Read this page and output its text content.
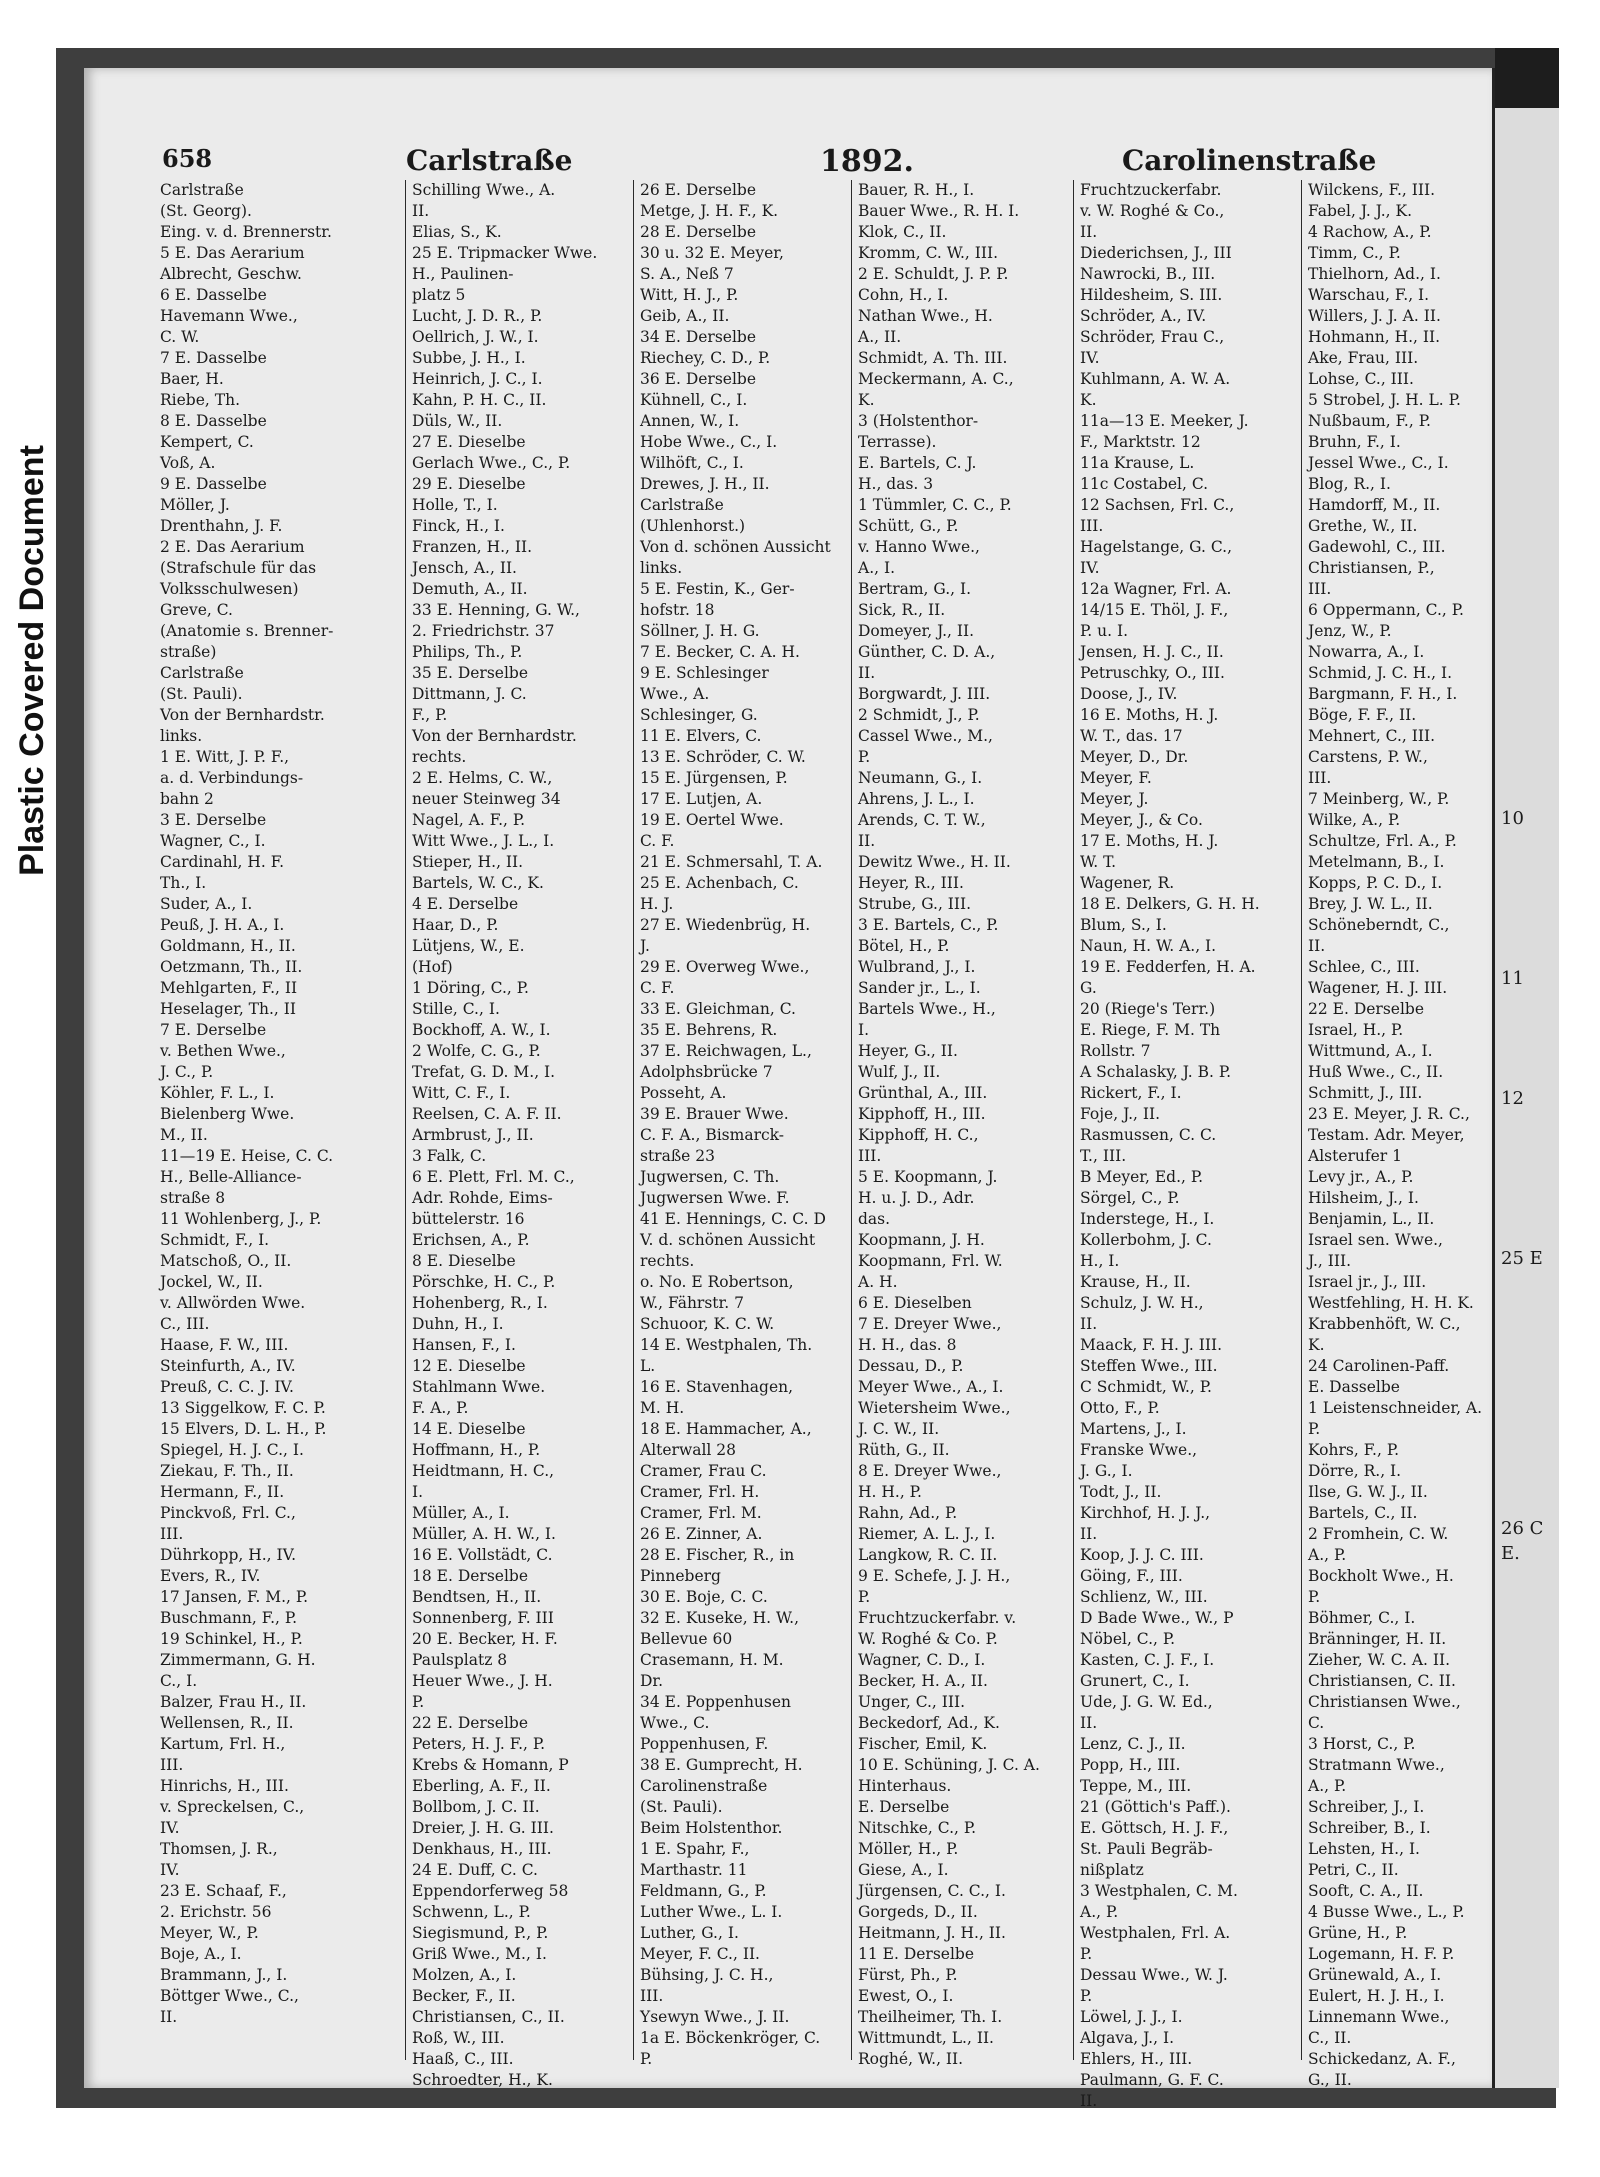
Plastic Covered Document
658	Carlstraße	1892.	Carolinenstraße
Carlstraße
(St. Georg).
Eing. v. d. Brennerstr.
5 E. Das Aerarium
Albrecht, Geschw.
6 E. Dasselbe
Havemann Wwe.,
C. W.
7 E. Dasselbe
Baer, H.
Riebe, Th.
8 E. Dasselbe
Kempert, C.
Voß, A.
9 E. Dasselbe
Möller, J.
Drenthahn, J. F.
2 E. Das Aerarium
(Strafschule für das
Volksschulwesen)
Greve, C.
(Anatomie s. Brenner-
straße)
Carlstraße
(St. Pauli).
Von der Bernhardstr.
links.
1 E. Witt, J. P. F.,
a. d. Verbindungs-
bahn 2
3 E. Derselbe
Wagner, C., I.
Cardinahl, H. F.
Th., I.
Suder, A., I.
Peuß, J. H. A., I.
Goldmann, H., II.
Oetzmann, Th., II.
Mehlgarten, F., II
Heselager, Th., II
7 E. Derselbe
v. Bethen Wwe.,
J. C., P.
Köhler, F. L., I.
Bielenberg Wwe.
M., II.
11—19 E. Heise, C. C.
H., Belle-Alliance-
straße 8
11 Wohlenberg, J., P.
Schmidt, F., I.
Matschoß, O., II.
Jockel, W., II.
v. Allwörden Wwe.
C., III.
Haase, F. W., III.
Steinfurth, A., IV.
Preuß, C. C. J. IV.
13 Siggelkow, F. C. P.
15 Elvers, D. L. H., P.
Spiegel, H. J. C., I.
Ziekau, F. Th., II.
Hermann, F., II.
Pinckvoß, Frl. C.,
III.
Dührkopp, H., IV.
Evers, R., IV.
17 Jansen, F. M., P.
Buschmann, F., P.
19 Schinkel, H., P.
Zimmermann, G. H.
C., I.
Balzer, Frau H., II.
Wellensen, R., II.
Kartum, Frl. H.,
III.
Hinrichs, H., III.
v. Spreckelsen, C.,
IV.
Thomsen, J. R.,
IV.
23 E. Schaaf, F.,
2. Erichstr. 56
Meyer, W., P.
Boje, A., I.
Brammann, J., I.
Böttger Wwe., C.,
II.
Schilling Wwe., A.
II.
Elias, S., K.
25 E. Tripmacker Wwe.
H., Paulinen-
platz 5
Lucht, J. D. R., P.
Oellrich, J. W., I.
Subbe, J. H., I.
Heinrich, J. C., I.
Kahn, P. H. C., II.
Düls, W., II.
27 E. Dieselbe
Gerlach Wwe., C., P.
29 E. Dieselbe
Holle, T., I.
Finck, H., I.
Franzen, H., II.
Jensch, A., II.
Demuth, A., II.
33 E. Henning, G. W.,
2. Friedrichstr. 37
Philips, Th., P.
35 E. Derselbe
Dittmann, J. C.
F., P.
Von der Bernhardstr.
rechts.
2 E. Helms, C. W.,
neuer Steinweg 34
Nagel, A. F., P.
Witt Wwe., J. L., I.
Stieper, H., II.
Bartels, W. C., K.
4 E. Derselbe
Haar, D., P.
Lütjens, W., E.
(Hof)
1 Döring, C., P.
Stille, C., I.
Bockhoff, A. W., I.
2 Wolfe, C. G., P.
Trefat, G. D. M., I.
Witt, C. F., I.
Reelsen, C. A. F. II.
Armbrust, J., II.
3 Falk, C.
6 E. Plett, Frl. M. C.,
Adr. Rohde, Eims-
büttelerstr. 16
Erichsen, A., P.
8 E. Dieselbe
Pörschke, H. C., P.
Hohenberg, R., I.
Duhn, H., I.
Hansen, F., I.
12 E. Dieselbe
Stahlmann Wwe.
F. A., P.
14 E. Dieselbe
Hoffmann, H., P.
Heidtmann, H. C.,
I.
Müller, A., I.
Müller, A. H. W., I.
16 E. Vollstädt, C.
18 E. Derselbe
Bendtsen, H., II.
Sonnenberg, F. III
20 E. Becker, H. F.
Paulsplatz 8
Heuer Wwe., J. H.
P.
22 E. Derselbe
Peters, H. J. F., P.
Krebs & Homann, P
Eberling, A. F., II.
Bollbom, J. C. II.
Dreier, J. H. G. III.
Denkhaus, H., III.
24 E. Duff, C. C.
Eppendorferweg 58
Schwenn, L., P.
Siegismund, P., P.
Griß Wwe., M., I.
Molzen, A., I.
Becker, F., II.
Christiansen, C., II.
Roß, W., III.
Haaß, C., III.
Schroedter, H., K.
26 E. Derselbe
Metge, J. H. F., K.
28 E. Derselbe
30 u. 32 E. Meyer,
S. A., Neß 7
Witt, H. J., P.
Geib, A., II.
34 E. Derselbe
Riechey, C. D., P.
36 E. Derselbe
Kühnell, C., I.
Annen, W., I.
Hobe Wwe., C., I.
Wilhöft, C., I.
Drewes, J. H., II.
Carlstraße
(Uhlenhorst.)
Von d. schönen Aussicht
links.
5 E. Festin, K., Ger-
hofstr. 18
Söllner, J. H. G.
7 E. Becker, C. A. H.
9 E. Schlesinger
Wwe., A.
Schlesinger, G.
11 E. Elvers, C.
13 E. Schröder, C. W.
15 E. Jürgensen, P.
17 E. Lutjen, A.
19 E. Oertel Wwe.
C. F.
21 E. Schmersahl, T. A.
25 E. Achenbach, C.
H. J.
27 E. Wiedenbrüg, H.
J.
29 E. Overweg Wwe.,
C. F.
33 E. Gleichman, C.
35 E. Behrens, R.
37 E. Reichwagen, L.,
Adolphsbrücke 7
Posseht, A.
39 E. Brauer Wwe.
C. F. A., Bismarck-
straße 23
Jugwersen, C. Th.
Jugwersen Wwe. F.
41 E. Hennings, C. C. D
V. d. schönen Aussicht
rechts.
o. No. E Robertson,
W., Fährstr. 7
Schuoor, K. C. W.
14 E. Westphalen, Th.
L.
16 E. Stavenhagen,
M. H.
18 E. Hammacher, A.,
Alterwall 28
Cramer, Frau C.
Cramer, Frl. H.
Cramer, Frl. M.
26 E. Zinner, A.
28 E. Fischer, R., in
Pinneberg
30 E. Boje, C. C.
32 E. Kuseke, H. W.,
Bellevue 60
Crasemann, H. M.
Dr.
34 E. Poppenhusen
Wwe., C.
Poppenhusen, F.
38 E. Gumprecht, H.
Carolinenstraße
(St. Pauli).
Beim Holstenthor.
1 E. Spahr, F.,
Marthastr. 11
Feldmann, G., P.
Luther Wwe., L. I.
Luther, G., I.
Meyer, F. C., II.
Bühsing, J. C. H.,
III.
Ysewyn Wwe., J. II.
1a E. Böckenkröger, C.
P.
Bauer, R. H., I.
Bauer Wwe., R. H. I.
Klok, C., II.
Kromm, C. W., III.
2 E. Schuldt, J. P. P.
Cohn, H., I.
Nathan Wwe., H.
A., II.
Schmidt, A. Th. III.
Meckermann, A. C.,
K.
3 (Holstenthor-
Terrasse).
E. Bartels, C. J.
H., das. 3
1 Tümmler, C. C., P.
Schütt, G., P.
v. Hanno Wwe.,
A., I.
Bertram, G., I.
Sick, R., II.
Domeyer, J., II.
Günther, C. D. A.,
II.
Borgwardt, J. III.
2 Schmidt, J., P.
Cassel Wwe., M.,
P.
Neumann, G., I.
Ahrens, J. L., I.
Arends, C. T. W.,
II.
Dewitz Wwe., H. II.
Heyer, R., III.
Strube, G., III.
3 E. Bartels, C., P.
Bötel, H., P.
Wulbrand, J., I.
Sander jr., L., I.
Bartels Wwe., H.,
I.
Heyer, G., II.
Wulf, J., II.
Grünthal, A., III.
Kipphoff, H., III.
Kipphoff, H. C.,
III.
5 E. Koopmann, J.
H. u. J. D., Adr.
das.
Koopmann, J. H.
Koopmann, Frl. W.
A. H.
6 E. Dieselben
7 E. Dreyer Wwe.,
H. H., das. 8
Dessau, D., P.
Meyer Wwe., A., I.
Wietersheim Wwe.,
J. C. W., II.
Rüth, G., II.
8 E. Dreyer Wwe.,
H. H., P.
Rahn, Ad., P.
Riemer, A. L. J., I.
Langkow, R. C. II.
9 E. Schefe, J. J. H.,
P.
Fruchtzuckerfabr. v.
W. Roghé & Co. P.
Wagner, C. D., I.
Becker, H. A., II.
Unger, C., III.
Beckedorf, Ad., K.
Fischer, Emil, K.
10 E. Schüning, J. C. A.
Hinterhaus.
E. Derselbe
Nitschke, C., P.
Möller, H., P.
Giese, A., I.
Jürgensen, C. C., I.
Gorgeds, D., II.
Heitmann, J. H., II.
11 E. Derselbe
Fürst, Ph., P.
Ewest, O., I.
Theilheimer, Th. I.
Wittmundt, L., II.
Roghé, W., II.
Fruchtzuckerfabr.
v. W. Roghé & Co.,
II.
Diederichsen, J., III
Nawrocki, B., III.
Hildesheim, S. III.
Schröder, A., IV.
Schröder, Frau C.,
IV.
Kuhlmann, A. W. A.
K.
11a—13 E. Meeker, J.
F., Marktstr. 12
11a Krause, L.
11c Costabel, C.
12 Sachsen, Frl. C.,
III.
Hagelstange, G. C.,
IV.
12a Wagner, Frl. A.
14/15 E. Thöl, J. F.,
P. u. I.
Jensen, H. J. C., II.
Petruschky, O., III.
Doose, J., IV.
16 E. Moths, H. J.
W. T., das. 17
Meyer, D., Dr.
Meyer, F.
Meyer, J.
Meyer, J., & Co.
17 E. Moths, H. J.
W. T.
Wagener, R.
18 E. Delkers, G. H. H.
Blum, S., I.
Naun, H. W. A., I.
19 E. Fedderfen, H. A.
G.
20 (Riege's Terr.)
E. Riege, F. M. Th
Rollstr. 7
A Schalasky, J. B. P.
Rickert, F., I.
Foje, J., II.
Rasmussen, C. C.
T., III.
B Meyer, Ed., P.
Sörgel, C., P.
Inderstege, H., I.
Kollerbohm, J. C.
H., I.
Krause, H., II.
Schulz, J. W. H.,
II.
Maack, F. H. J. III.
Steffen Wwe., III.
C Schmidt, W., P.
Otto, F., P.
Martens, J., I.
Franske Wwe.,
J. G., I.
Todt, J., II.
Kirchhof, H. J. J.,
II.
Koop, J. J. C. III.
Göing, F., III.
Schlienz, W., III.
D Bade Wwe., W., P
Nöbel, C., P.
Kasten, C. J. F., I.
Grunert, C., I.
Ude, J. G. W. Ed.,
II.
Lenz, C. J., II.
Popp, H., III.
Teppe, M., III.
21 (Göttich's Paff.).
E. Göttsch, H. J. F.,
St. Pauli Begräb-
nißplatz
3 Westphalen, C. M.
A., P.
Westphalen, Frl. A.
P.
Dessau Wwe., W. J.
P.
Löwel, J. J., I.
Algava, J., I.
Ehlers, H., III.
Paulmann, G. F. C.
II.
Wilckens, F., III.
Fabel, J. J., K.
4 Rachow, A., P.
Timm, C., P.
Thielhorn, Ad., I.
Warschau, F., I.
Willers, J. J. A. II.
Hohmann, H., II.
Ake, Frau, III.
Lohse, C., III.
5 Strobel, J. H. L. P.
Nußbaum, F., P.
Bruhn, F., I.
Jessel Wwe., C., I.
Blog, R., I.
Hamdorff, M., II.
Grethe, W., II.
Gadewohl, C., III.
Christiansen, P.,
III.
6 Oppermann, C., P.
Jenz, W., P.
Nowarra, A., I.
Schmid, J. C. H., I.
Bargmann, F. H., I.
Böge, F. F., II.
Mehnert, C., III.
Carstens, P. W.,
III.
7 Meinberg, W., P.
Wilke, A., P.
Schultze, Frl. A., P.
Metelmann, B., I.
Kopps, P. C. D., I.
Brey, J. W. L., II.
Schöneberndt, C.,
II.
Schlee, C., III.
Wagener, H. J. III.
22 E. Derselbe
Israel, H., P.
Wittmund, A., I.
Huß Wwe., C., II.
Schmitt, J., III.
23 E. Meyer, J. R. C.,
Testam. Adr. Meyer,
Alsterufer 1
Levy jr., A., P.
Hilsheim, J., I.
Benjamin, L., II.
Israel sen. Wwe.,
J., III.
Israel jr., J., III.
Westfehling, H. H. K.
Krabbenhöft, W. C.,
K.
24 Carolinen-Paff.
E. Dasselbe
1 Leistenschneider, A.
P.
Kohrs, F., P.
Dörre, R., I.
Ilse, G. W. J., II.
Bartels, C., II.
2 Fromhein, C. W.
A., P.
Bockholt Wwe., H.
P.
Böhmer, C., I.
Bränninger, H. II.
Zieher, W. C. A. II.
Christiansen, C. II.
Christiansen Wwe.,
C.
3 Horst, C., P.
Stratmann Wwe.,
A., P.
Schreiber, J., I.
Schreiber, B., I.
Lehsten, H., I.
Petri, C., II.
Sooft, C. A., II.
4 Busse Wwe., L., P.
Grüne, H., P.
Logemann, H. F. P.
Grünewald, A., I.
Eulert, H. J. H., I.
Linnemann Wwe.,
C., II.
Schickedanz, A. F.,
G., II.
10
11
12
25 E
26 C
E.
